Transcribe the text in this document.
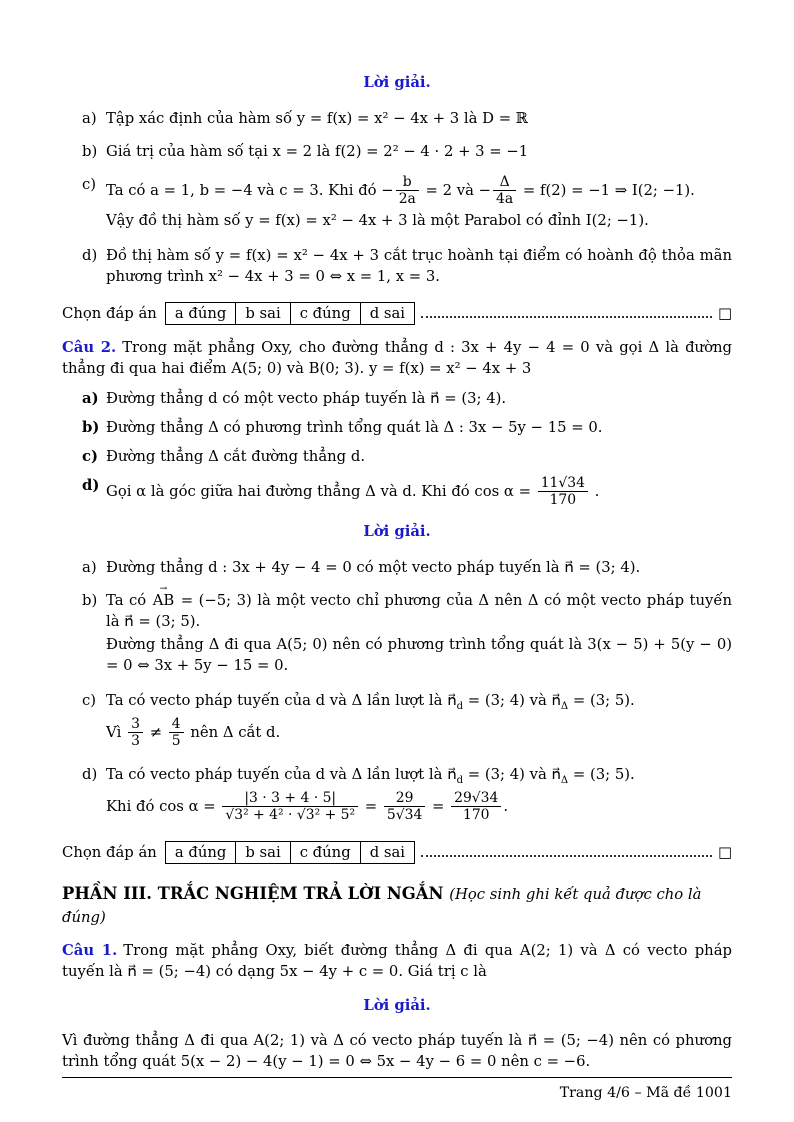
Lời giải.
a) Tập xác định của hàm số y = f(x) = x² − 4x + 3 là D = ℝ
b) Giá trị của hàm số tại x = 2 là f(2) = 2² − 4 · 2 + 3 = −1
c) Ta có a = 1, b = −4 và c = 3. Khi đó − $\frac{b}{2a} = 2$ và − $\frac{\Delta}{4a} = f(2) = -1$ ⇒ I(2; −1).
Vậy đồ thị hàm số y = f(x) = x² − 4x + 3 là một Parabol có đỉnh I(2; −1).
d) Đồ thị hàm số y = f(x) = x² − 4x + 3 cắt trục hoành tại điểm có hoành độ thỏa mãn phương trình x² − 4x + 3 = 0 ⇔ x = 1, x = 3.
Chọn đáp án	a đúng	b sai	c đúng	d sai	□
Câu 2. Trong mặt phẳng Oxy, cho đường thẳng d : 3x + 4y − 4 = 0 và gọi Δ là đường thẳng đi qua hai điểm A(5; 0) và B(0; 3). y = f(x) = x² − 4x + 3
a) Đường thẳng d có một vecto pháp tuyến là n⃗ = (3; 4).
b) Đường thẳng Δ có phương trình tổng quát là Δ : 3x − 5y − 15 = 0.
c) Đường thẳng Δ cắt đường thẳng d.
d) Gọi α là góc giữa hai đường thẳng Δ và d. Khi đó $\cos \alpha = \frac{11√34}{170}$ .
Lời giải.
a) Đường thẳng d : 3x + 4y − 4 = 0 có một vecto pháp tuyến là n⃗ = (3; 4).
b) Ta có AB → = (−5; 3) là một vecto chỉ phương của Δ nên Δ có một vecto pháp tuyến là n⃗ = (3; 5).
Đường thẳng Δ đi qua A(5; 0) nên có phương trình tổng quát là 3(x − 5) + 5(y − 0) = 0 ⇔ 3x + 5y − 15 = 0.
c) Ta có vecto pháp tuyến của d và Δ lần lượt là $n⃗_d = (3$; 4) và $n⃗_\Delta = (3$; 5).
Vì $\frac{3}{3} \ne \frac{4}{5}$ nên Δ cắt d.
d) Ta có vecto pháp tuyến của d và Δ lần lượt là $n⃗_d = (3$; 4) và $n⃗_\Delta = (3$; 5).
Khi đó $\cos \alpha = \frac{|3 \cdot 3 + 4 \cdot 5|}{\text{√3² + 4² · √3² + 5²}} = \frac{29}{5√34} = \frac{29√34}{170}$ .
Chọn đáp án	a đúng	b sai	c đúng	d sai	□
PHẦN III. TRẮC NGHIỆM TRẢ LỜI NGẮN (Học sinh ghi kết quả được cho là đúng)
Câu 1. Trong mặt phẳng Oxy, biết đường thẳng Δ đi qua A(2; 1) và Δ có vecto pháp tuyến là n⃗ = (5; −4) có dạng 5x − 4y + c = 0. Giá trị c là
Lời giải.
Vì đường thẳng Δ đi qua A(2; 1) và Δ có vecto pháp tuyến là n⃗ = (5; −4) nên có phương trình tổng quát 5(x − 2) − 4(y − 1) = 0 ⇔ 5x − 4y − 6 = 0 nên c = −6.
Trang 4/6 – Mã đề 1001
